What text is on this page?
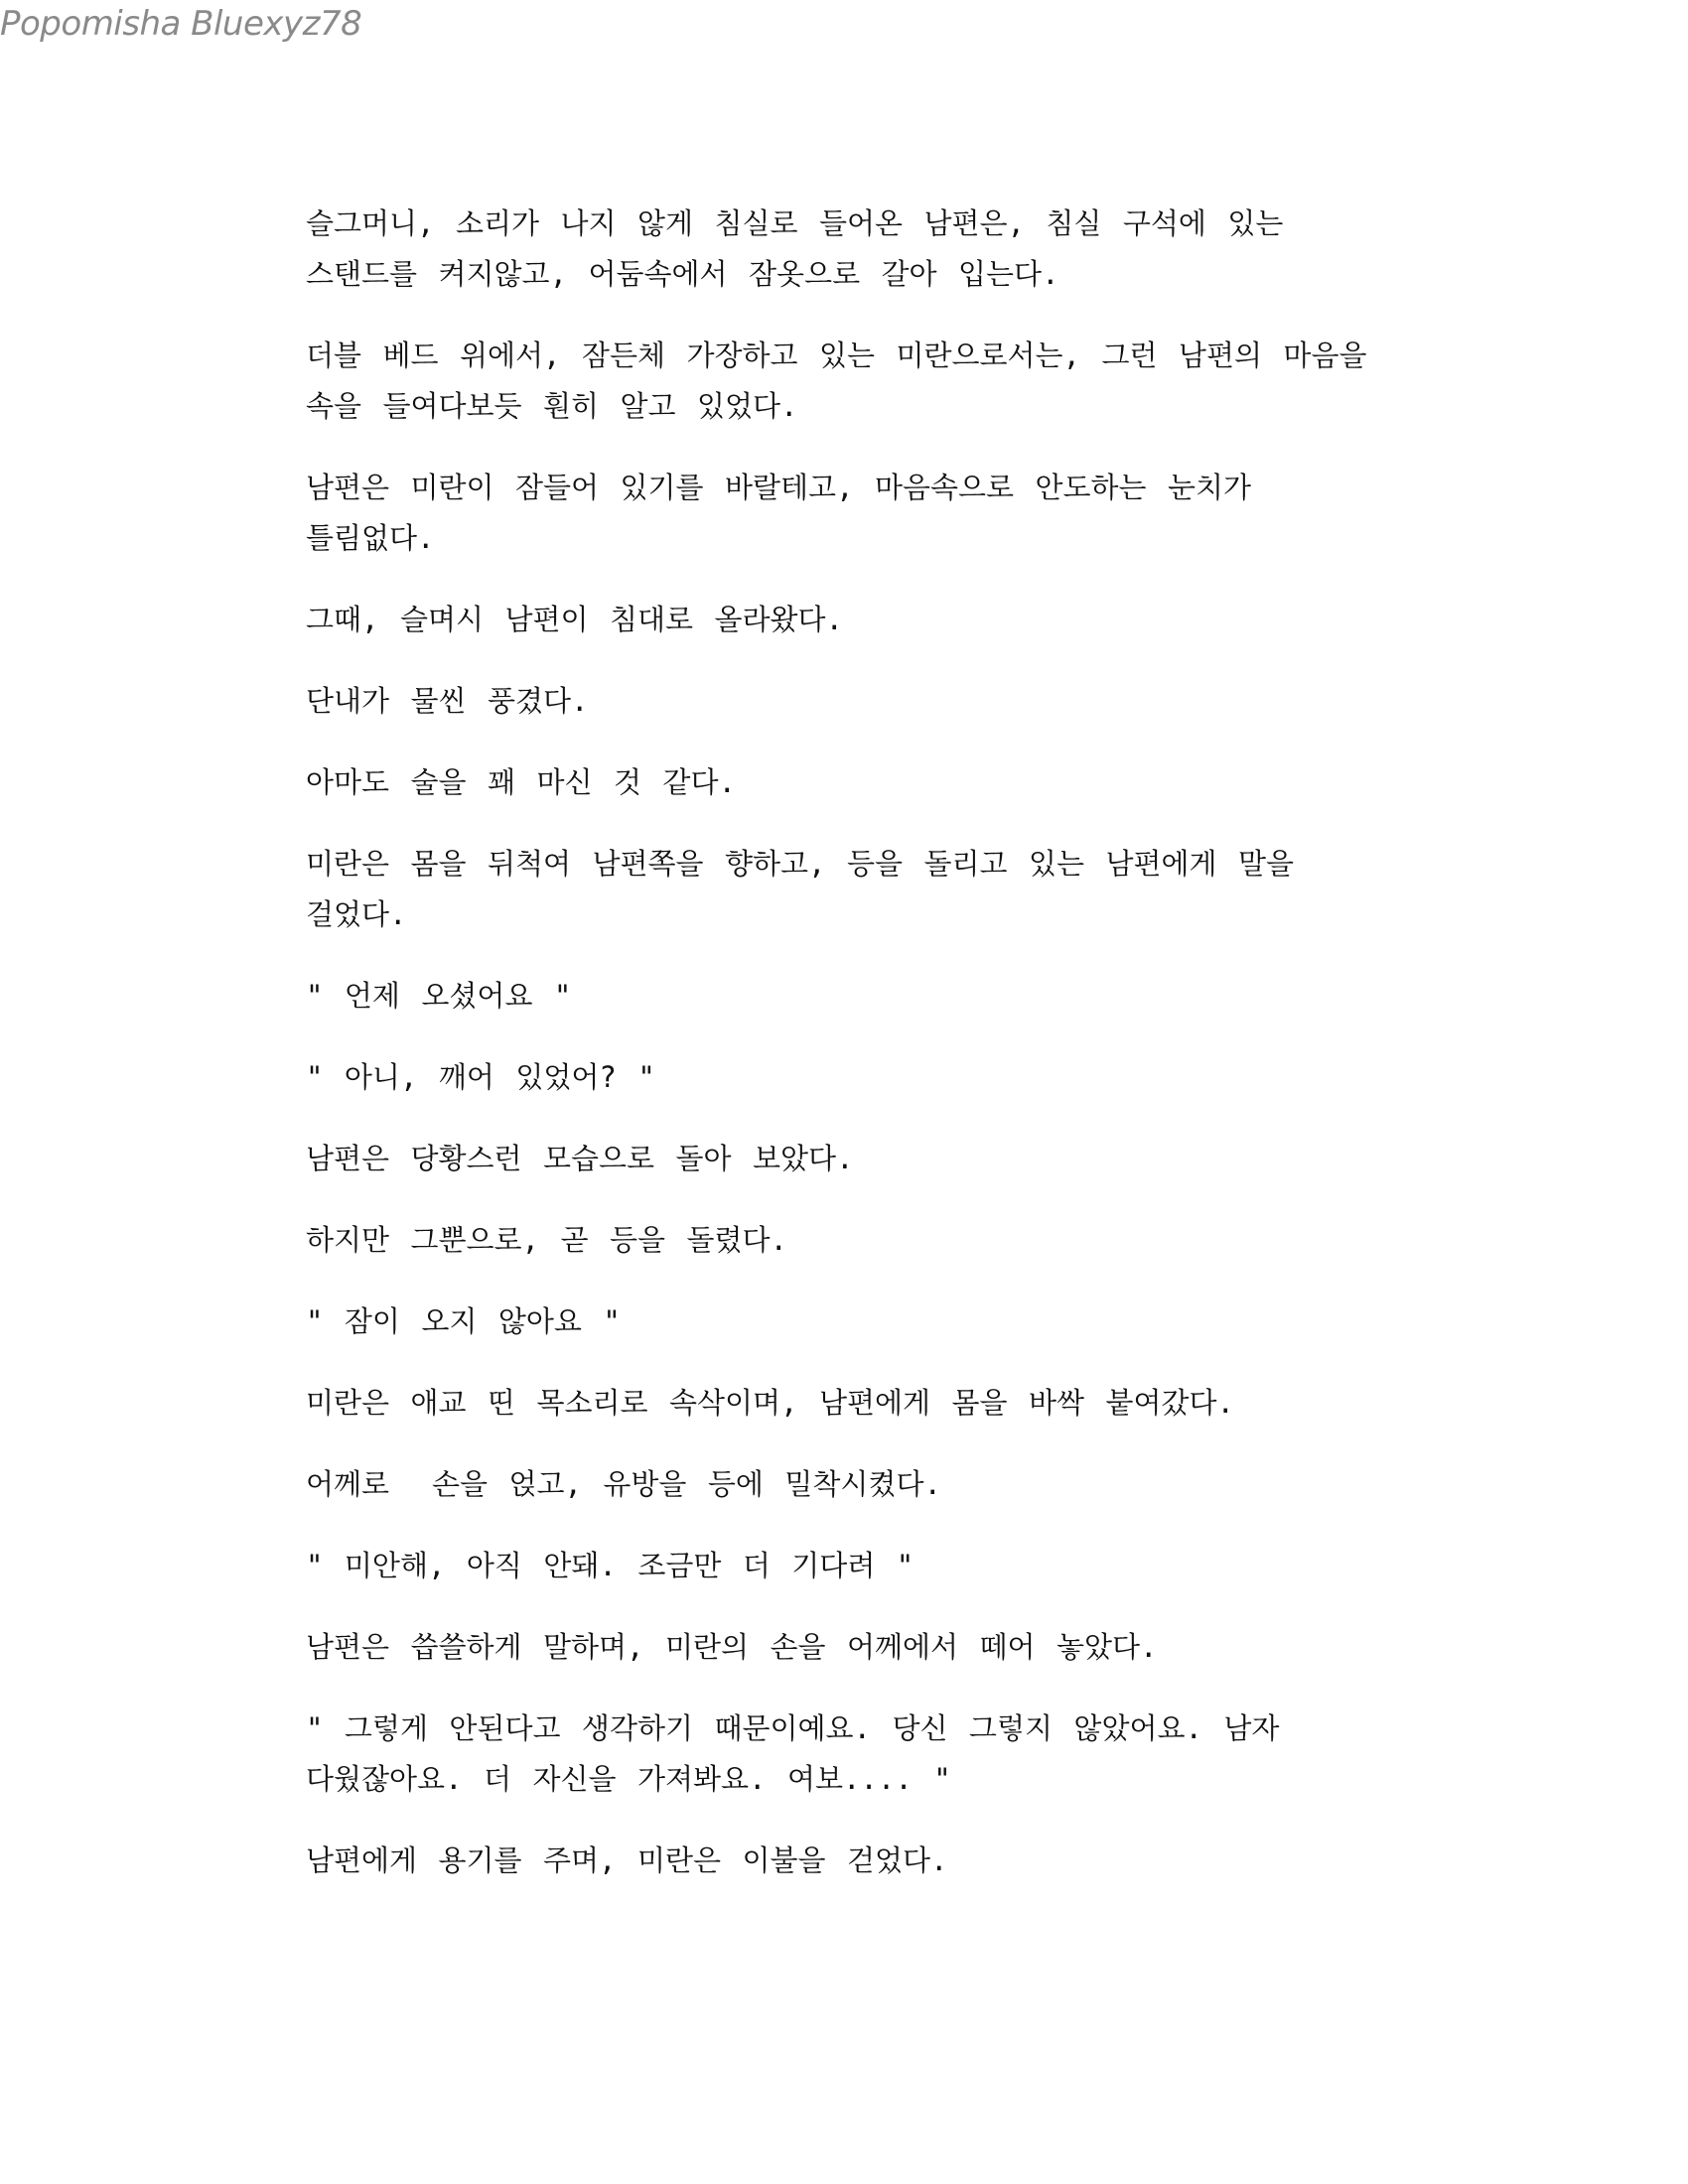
Popomisha Bluexyz78

슬그머니, 소리가 나지 않게 침실로 들어온 남편은, 침실 구석에 있는
스탠드를 켜지않고, 어둠속에서 잠옷으로 갈아 입는다.

더블 베드 위에서, 잠든체 가장하고 있는 미란으로서는, 그런 남편의 마음을
속을 들여다보듯 훤히 알고 있었다.

남편은 미란이 잠들어 있기를 바랄테고, 마음속으로 안도하는 눈치가
틀림없다.

그때, 슬며시 남편이 침대로 올라왔다.

단내가 물씬 풍겼다.

아마도 술을 꽤 마신 것 같다.

미란은 몸을 뒤척여 남편쪽을 향하고, 등을 돌리고 있는 남편에게 말을
걸었다.

" 언제 오셨어요 "

" 아니, 깨어 있었어? "

남편은 당황스런 모습으로 돌아 보았다.

하지만 그뿐으로, 곧 등을 돌렸다.

" 잠이 오지 않아요 "

미란은 애교 띤 목소리로 속삭이며, 남편에게 몸을 바싹 붙여갔다.

어께로  손을 얹고, 유방을 등에 밀착시켰다.

" 미안해, 아직 안돼. 조금만 더 기다려 "

남편은 씁쓸하게 말하며, 미란의 손을 어께에서 떼어 놓았다.

" 그렇게 안된다고 생각하기 때문이예요. 당신 그렇지 않았어요. 남자
다웠잖아요. 더 자신을 가져봐요. 여보.... "

남편에게 용기를 주며, 미란은 이불을 걷었다.
